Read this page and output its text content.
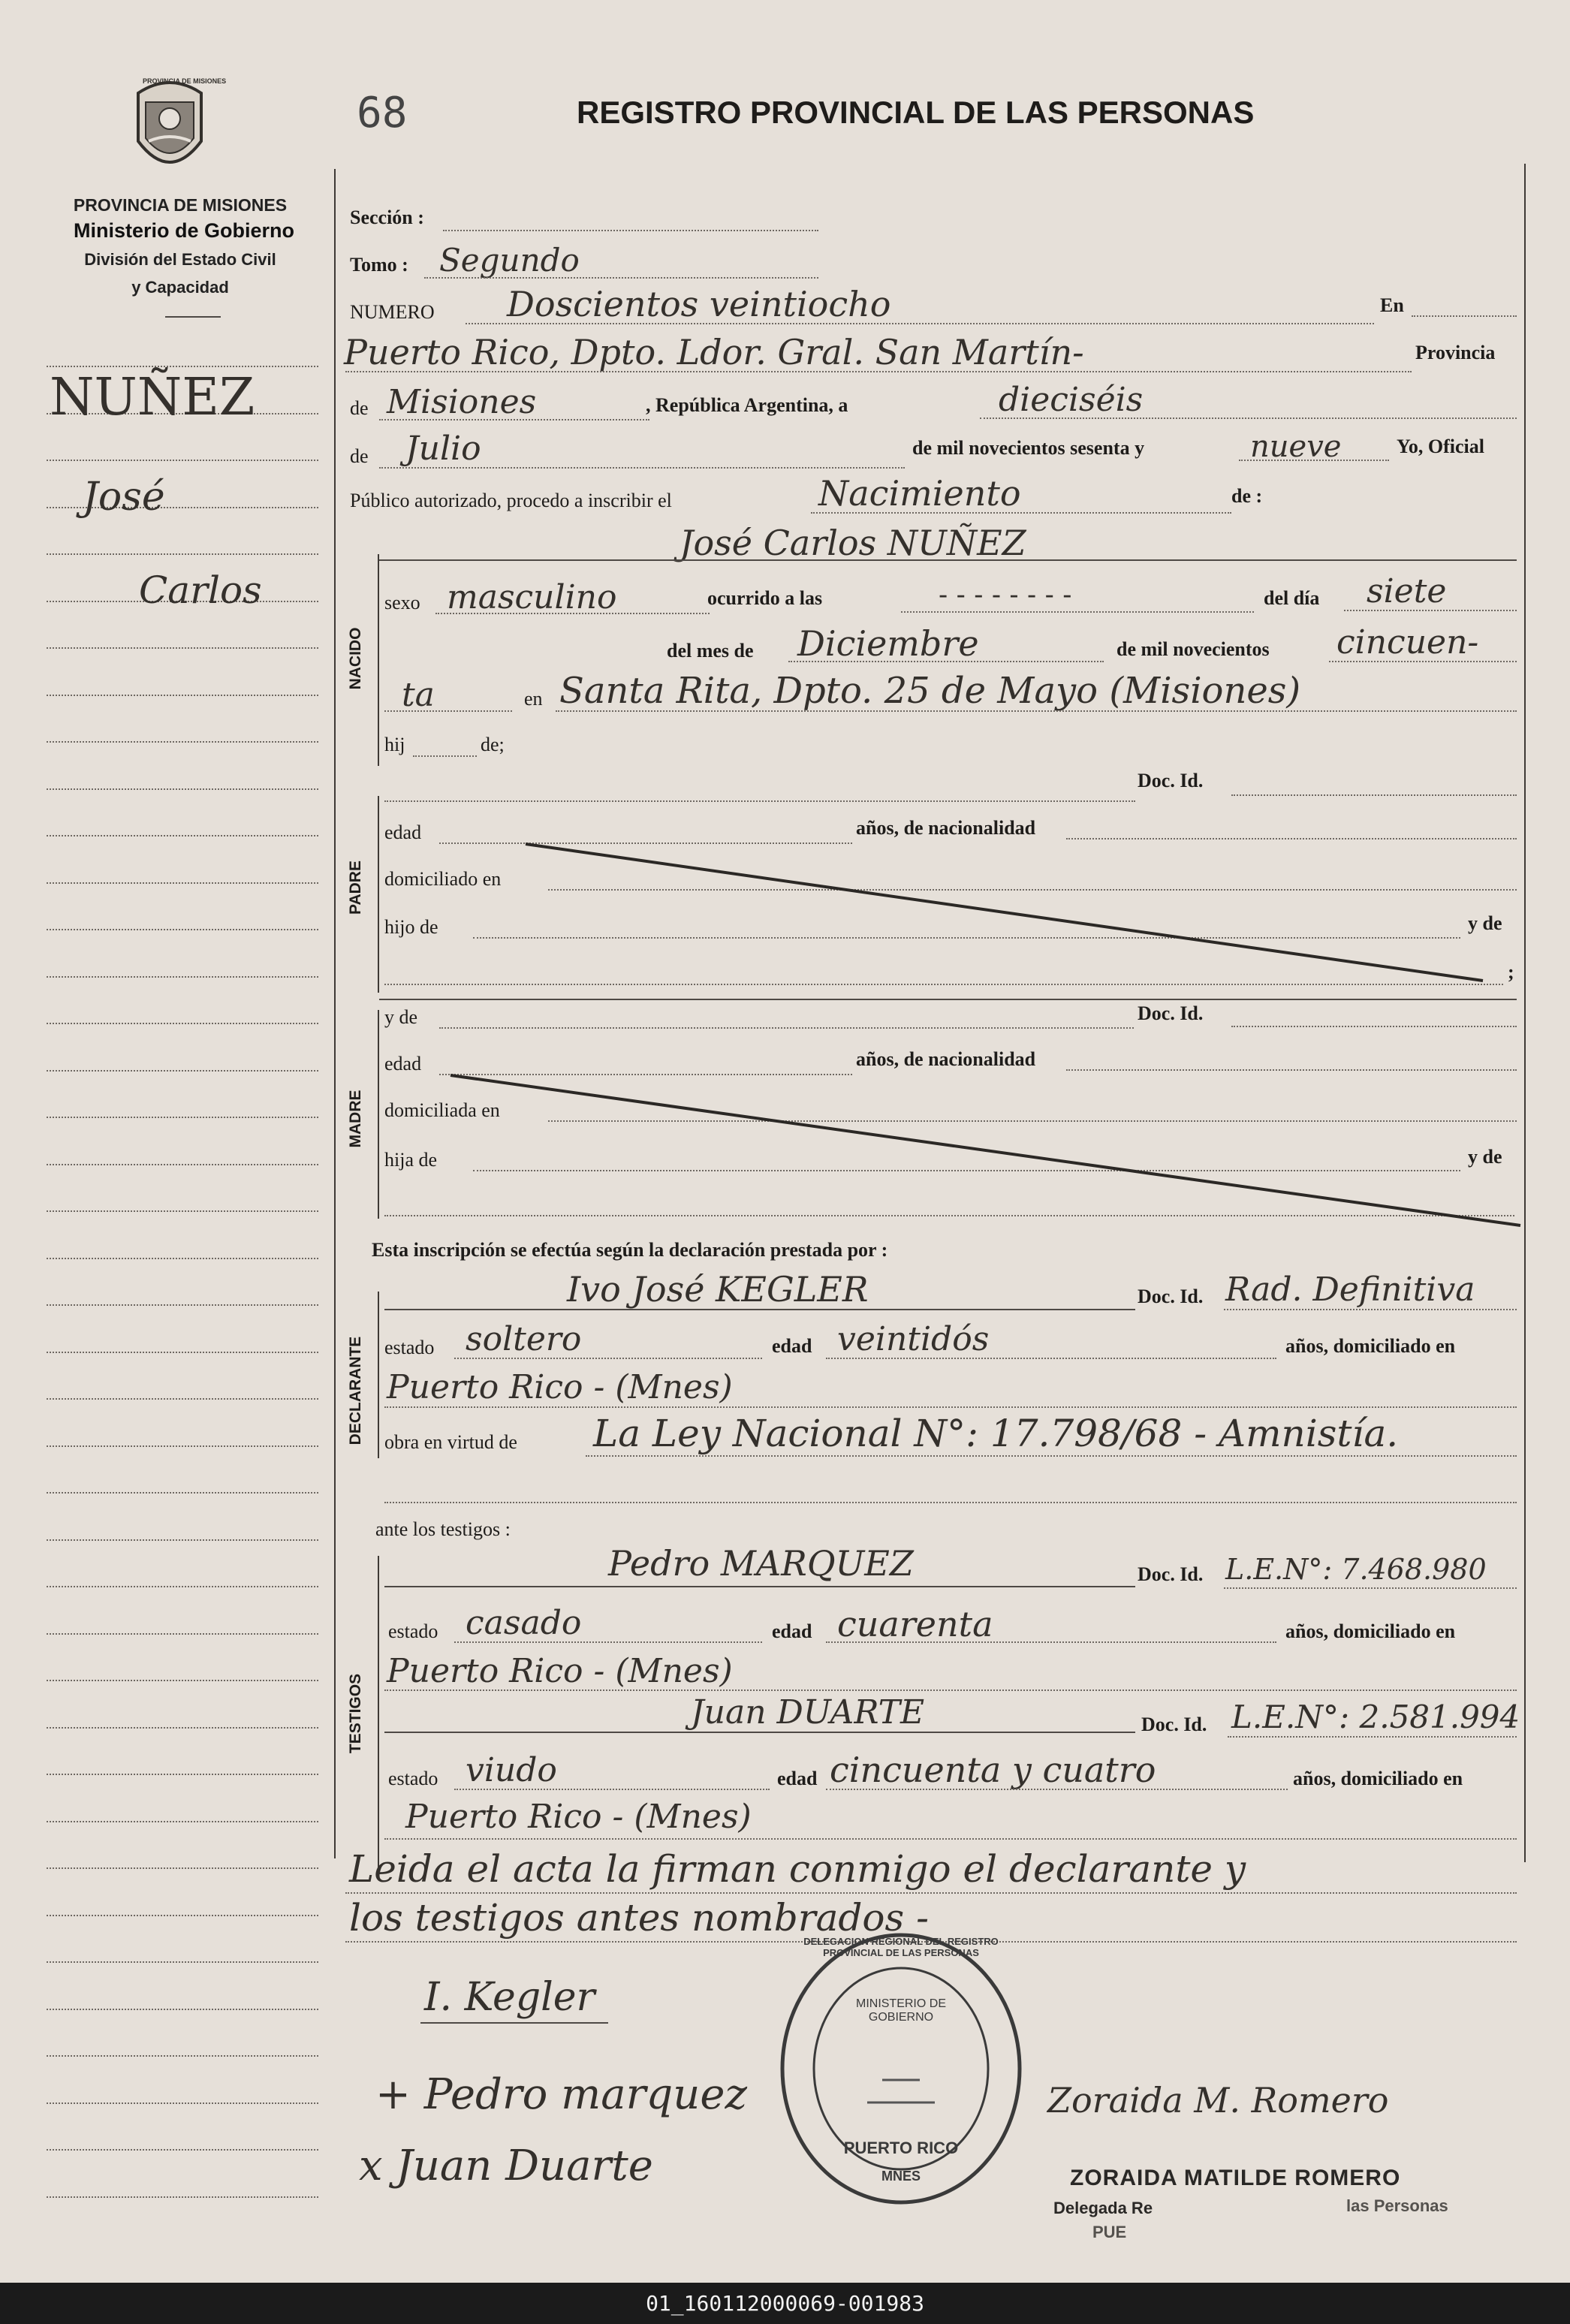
PROVINCIA DE MISIONES
68	REGISTRO PROVINCIAL DE LAS PERSONAS
PROVINCIA DE MISIONES
Ministerio de Gobierno
División del Estado Civil
y Capacidad
NUÑEZ
José
Carlos
NACIDO
PADRE
MADRE
DECLARANTE
TESTIGOS
Sección :
Tomo : Segundo
NUMERO Doscientos veintiocho	En
Puerto Rico, Dpto. Ldor. Gral. San Martín-	Provincia
de Misiones	, República Argentina, a	dieciséis
de Julio	de mil novecientos sesenta y	nueve	Yo, Oficial
Público autorizado, procedo a inscribir el	Nacimiento	de :
José Carlos NUÑEZ
sexo masculino	ocurrido a las	- - - - - - - -	del día siete
del mes de Diciembre	de mil novecientos cincuen-
ta	en Santa Rita, Dpto. 25 de Mayo (Misiones)
hij	de;
Doc. Id.
edad	años, de nacionalidad
domiciliado en
hijo de	y de
;
y de	Doc. Id.
edad	años, de nacionalidad
domiciliada en
hija de	y de
Esta inscripción se efectúa según la declaración prestada por :
Ivo José KEGLER	Doc. Id. Rad. Definitiva
estado soltero	edad veintidós	años, domiciliado en
Puerto Rico - (Mnes)
obra en virtud de La Ley Nacional N°: 17.798/68 - Amnistía.
ante los testigos :
Pedro MARQUEZ	Doc. Id. L.E.N°: 7.468.980
estado casado	edad cuarenta	años, domiciliado en
Puerto Rico - (Mnes)
Juan DUARTE	Doc. Id. L.E.N°: 2.581.994
estado viudo	edad cincuenta y cuatro	años, domiciliado en
Puerto Rico - (Mnes)
Leida el acta la firman conmigo el declarante y
los testigos antes nombrados -
I. Kegler
+ Pedro marquez
x Juan Duarte
Zoraida M. Romero
ZORAIDA MATILDE ROMERO
Delegada Re	las Personas
PUE
DELEGACION REGIONAL DEL REGISTRO PROVINCIAL DE LAS PERSONAS
MINISTERIO DE GOBIERNO
PUERTO RICO
MNES
01_160112000069-001983
